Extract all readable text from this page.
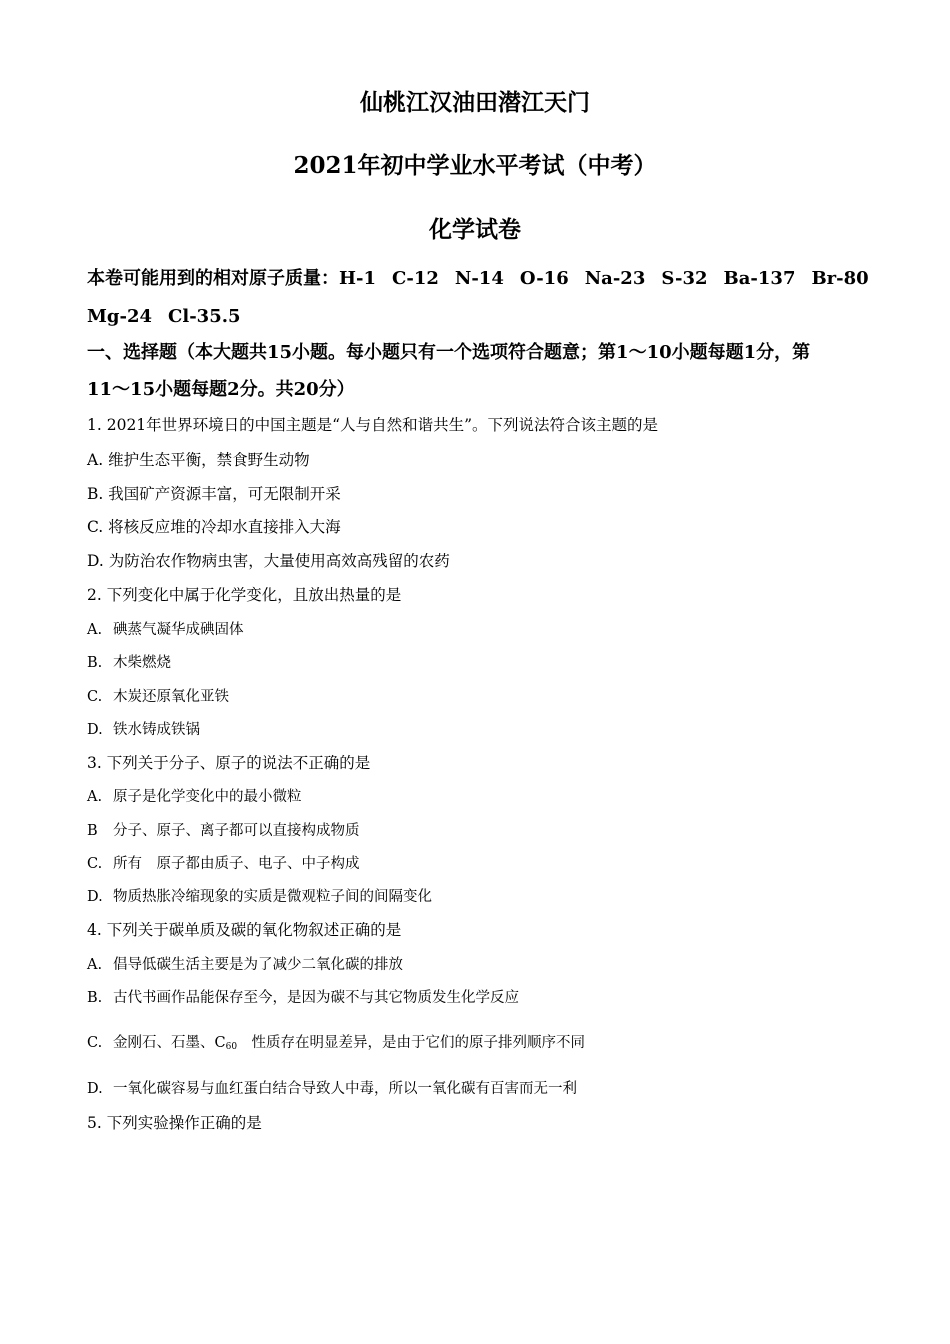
仙桃江汉油田潜江天门
2021年初中学业水平考试（中考）
化学试卷
本卷可能用到的相对原子质量：H-1 C-12 N-14 O-16 Na-23 S-32 Ba-137 Br-80
Mg-24 Cl-35.5
一、选择题（本大题共15小题。每小题只有一个选项符合题意；第1～10小题每题1分，第
11～15小题每题2分。共20分）
1. 2021年世界环境日的中国主题是“人与自然和谐共生”。下列说法符合该主题的是
A. 维护生态平衡，禁食野生动物
B. 我国矿产资源丰富，可无限制开采
C. 将核反应堆的冷却水直接排入大海
D. 为防治农作物病虫害，大量使用高效高残留的农药
2. 下列变化中属于化学变化，且放出热量的是
A. 碘蒸气凝华成碘固体
B. 木柴燃烧
C. 木炭还原氧化亚铁
D. 铁水铸成铁锅
3. 下列关于分子、原子的说法不正确的是
A. 原子是化学变化中的最小微粒
B 分子、原子、离子都可以直接构成物质
C. 所有　原子都由质子、电子、中子构成
D. 物质热胀冷缩现象的实质是微观粒子间的间隔变化
4. 下列关于碳单质及碳的氧化物叙述正确的是
A. 倡导低碳生活主要是为了减少二氧化碳的排放
B. 古代书画作品能保存至今，是因为碳不与其它物质发生化学反应
C. 金刚石、石墨、$C_{60}$　性质存在明显差异，是由于它们的原子排列顺序不同
D. 一氧化碳容易与血红蛋白结合导致人中毒，所以一氧化碳有百害而无一利
5. 下列实验操作正确的是
